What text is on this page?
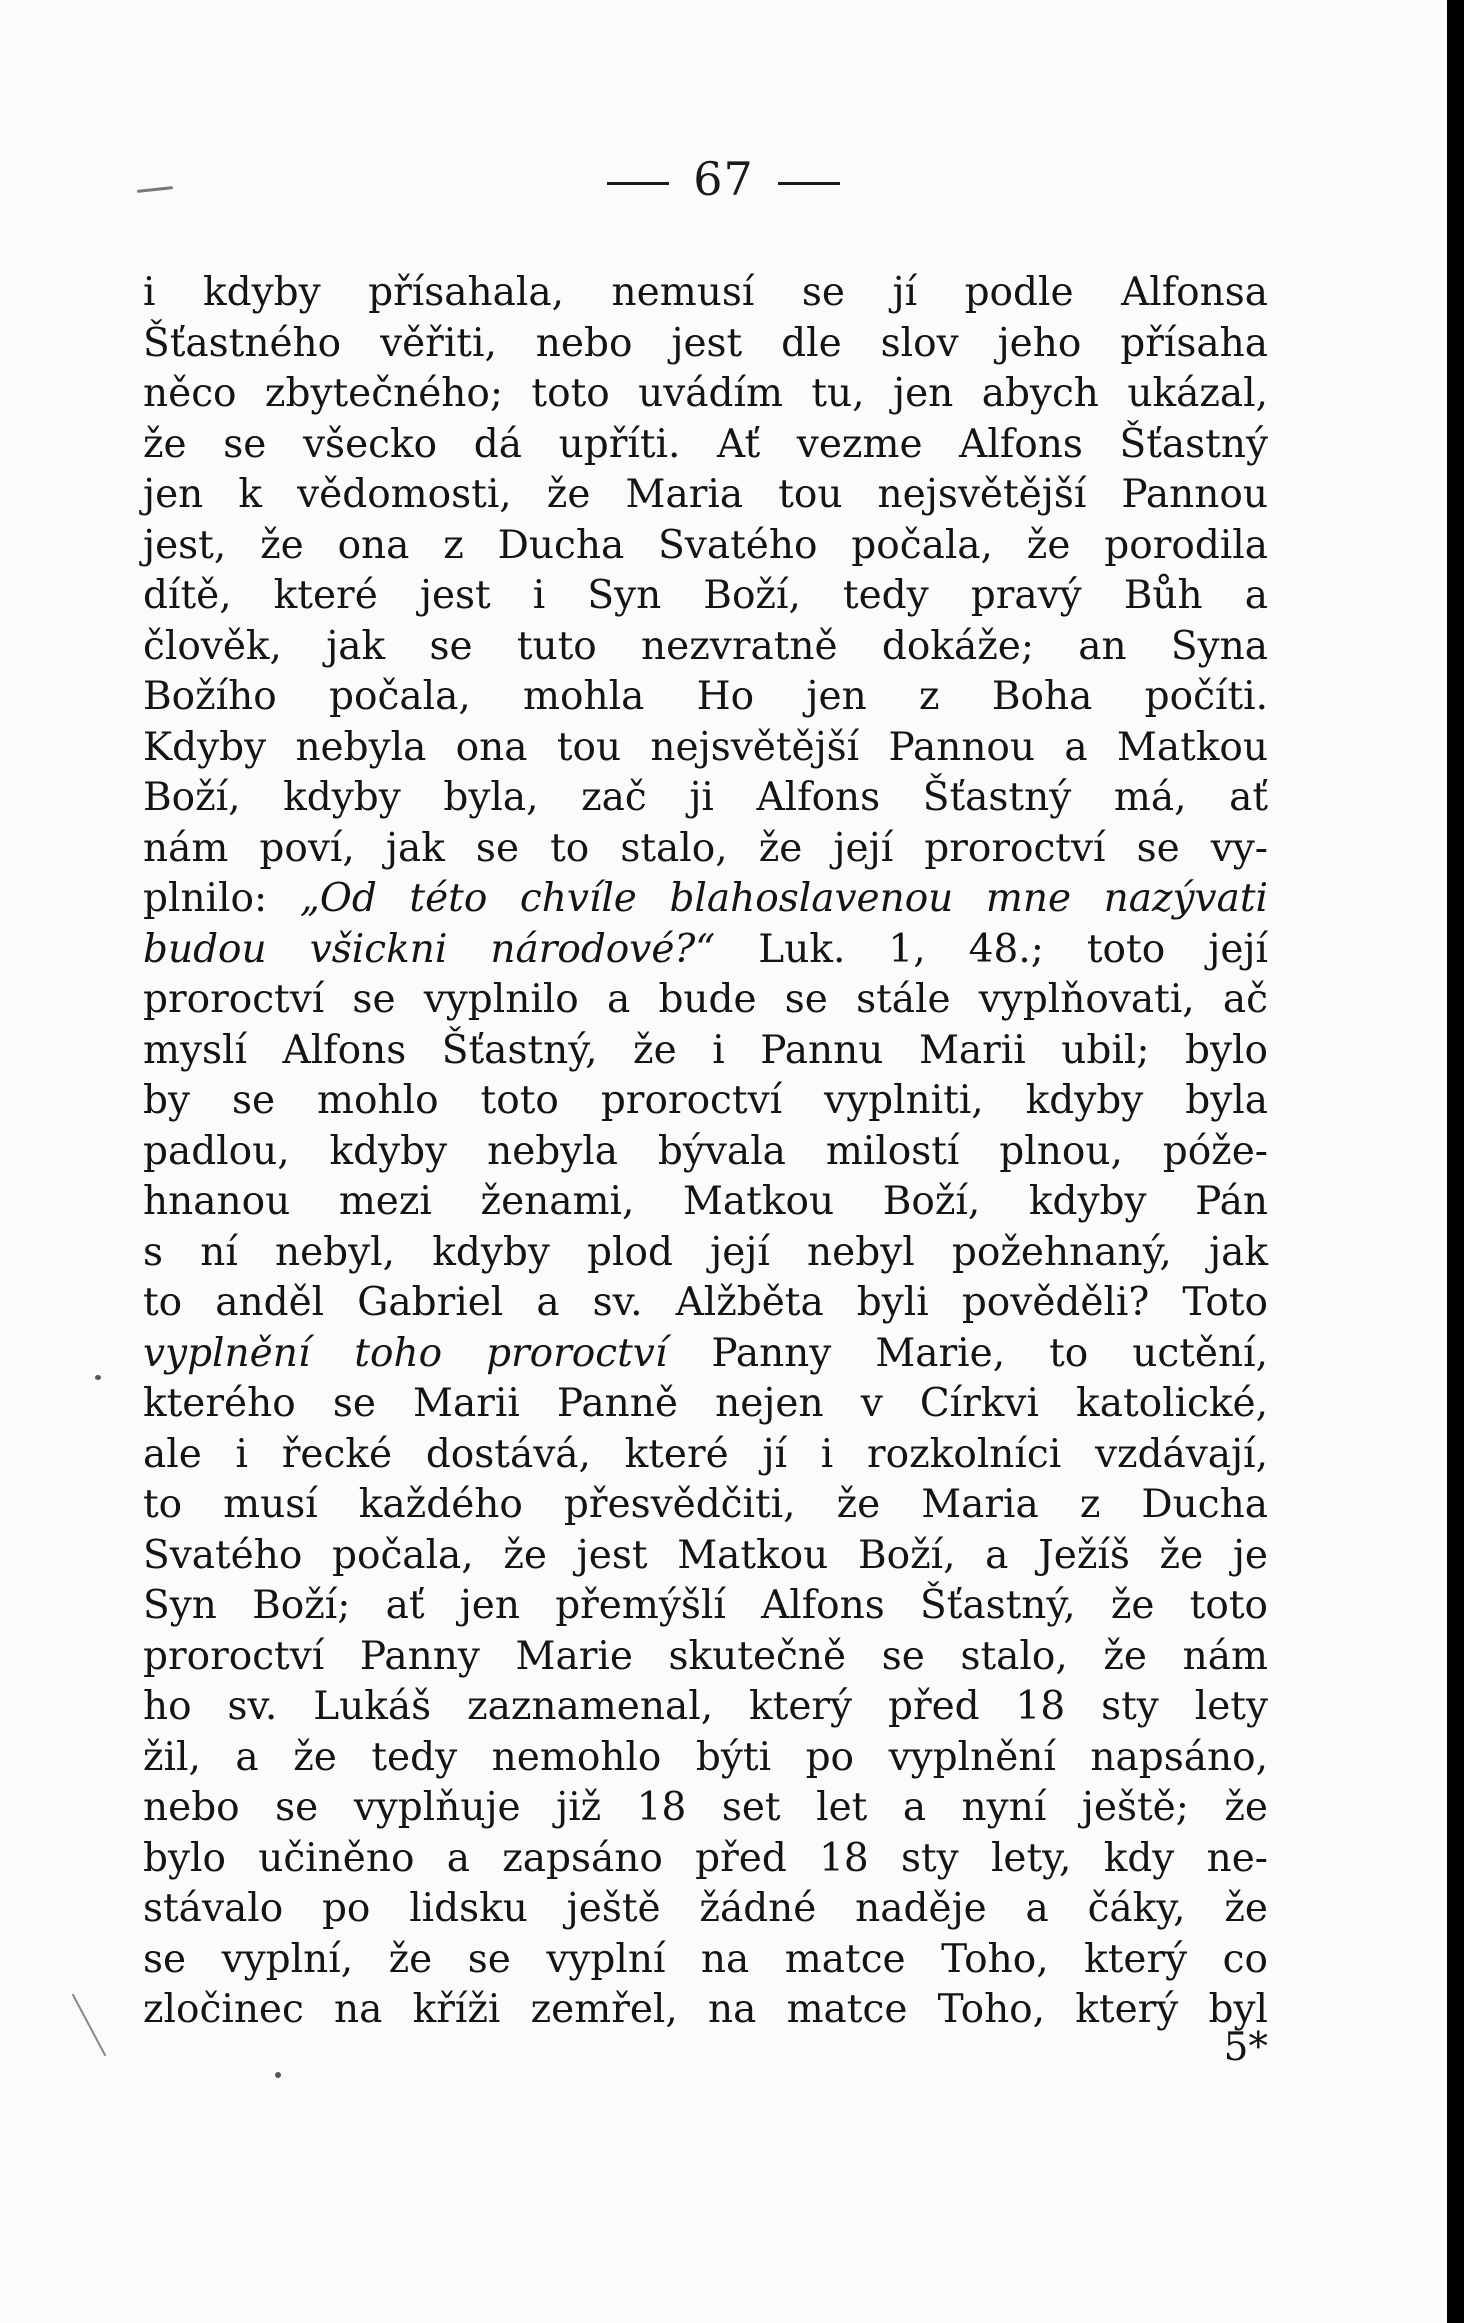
67
i kdyby přísahala, nemusí se jí podle Alfonsa
Šťastného věřiti, nebo jest dle slov jeho přísaha
něco zbytečného; toto uvádím tu, jen abych ukázal,
že se všecko dá upříti. Ať vezme Alfons Šťastný
jen k vědomosti, že Maria tou nejsvětější Pannou
jest, že ona z Ducha Svatého počala, že porodila
dítě, které jest i Syn Boží, tedy pravý Bůh a
člověk, jak se tuto nezvratně dokáže; an Syna
Božího počala, mohla Ho jen z Boha počíti.
Kdyby nebyla ona tou nejsvětější Pannou a Matkou
Boží, kdyby byla, zač ji Alfons Šťastný má, ať
nám poví, jak se to stalo, že její proroctví se vy-
plnilo: „Od této chvíle blahoslavenou mne nazývati
budou všickni národové?“ Luk. 1, 48.; toto její
proroctví se vyplnilo a bude se stále vyplňovati, ač
myslí Alfons Šťastný, že i Pannu Marii ubil; bylo
by se mohlo toto proroctví vyplniti, kdyby byla
padlou, kdyby nebyla bývala milostí plnou, póže-
hnanou mezi ženami, Matkou Boží, kdyby Pán
s ní nebyl, kdyby plod její nebyl požehnaný, jak
to anděl Gabriel a sv. Alžběta byli pověděli? Toto
vyplnění toho proroctví Panny Marie, to uctění,
kterého se Marii Panně nejen v Církvi katolické,
ale i řecké dostává, které jí i rozkolníci vzdávají,
to musí každého přesvědčiti, že Maria z Ducha
Svatého počala, že jest Matkou Boží, a Ježíš že je
Syn Boží; ať jen přemýšlí Alfons Šťastný, že toto
proroctví Panny Marie skutečně se stalo, že nám
ho sv. Lukáš zaznamenal, který před 18 sty lety
žil, a že tedy nemohlo býti po vyplnění napsáno,
nebo se vyplňuje již 18 set let a nyní ještě; že
bylo učiněno a zapsáno před 18 sty lety, kdy ne-
stávalo po lidsku ještě žádné naděje a čáky, že
se vyplní, že se vyplní na matce Toho, který co
zločinec na kříži zemřel, na matce Toho, který byl
5*
